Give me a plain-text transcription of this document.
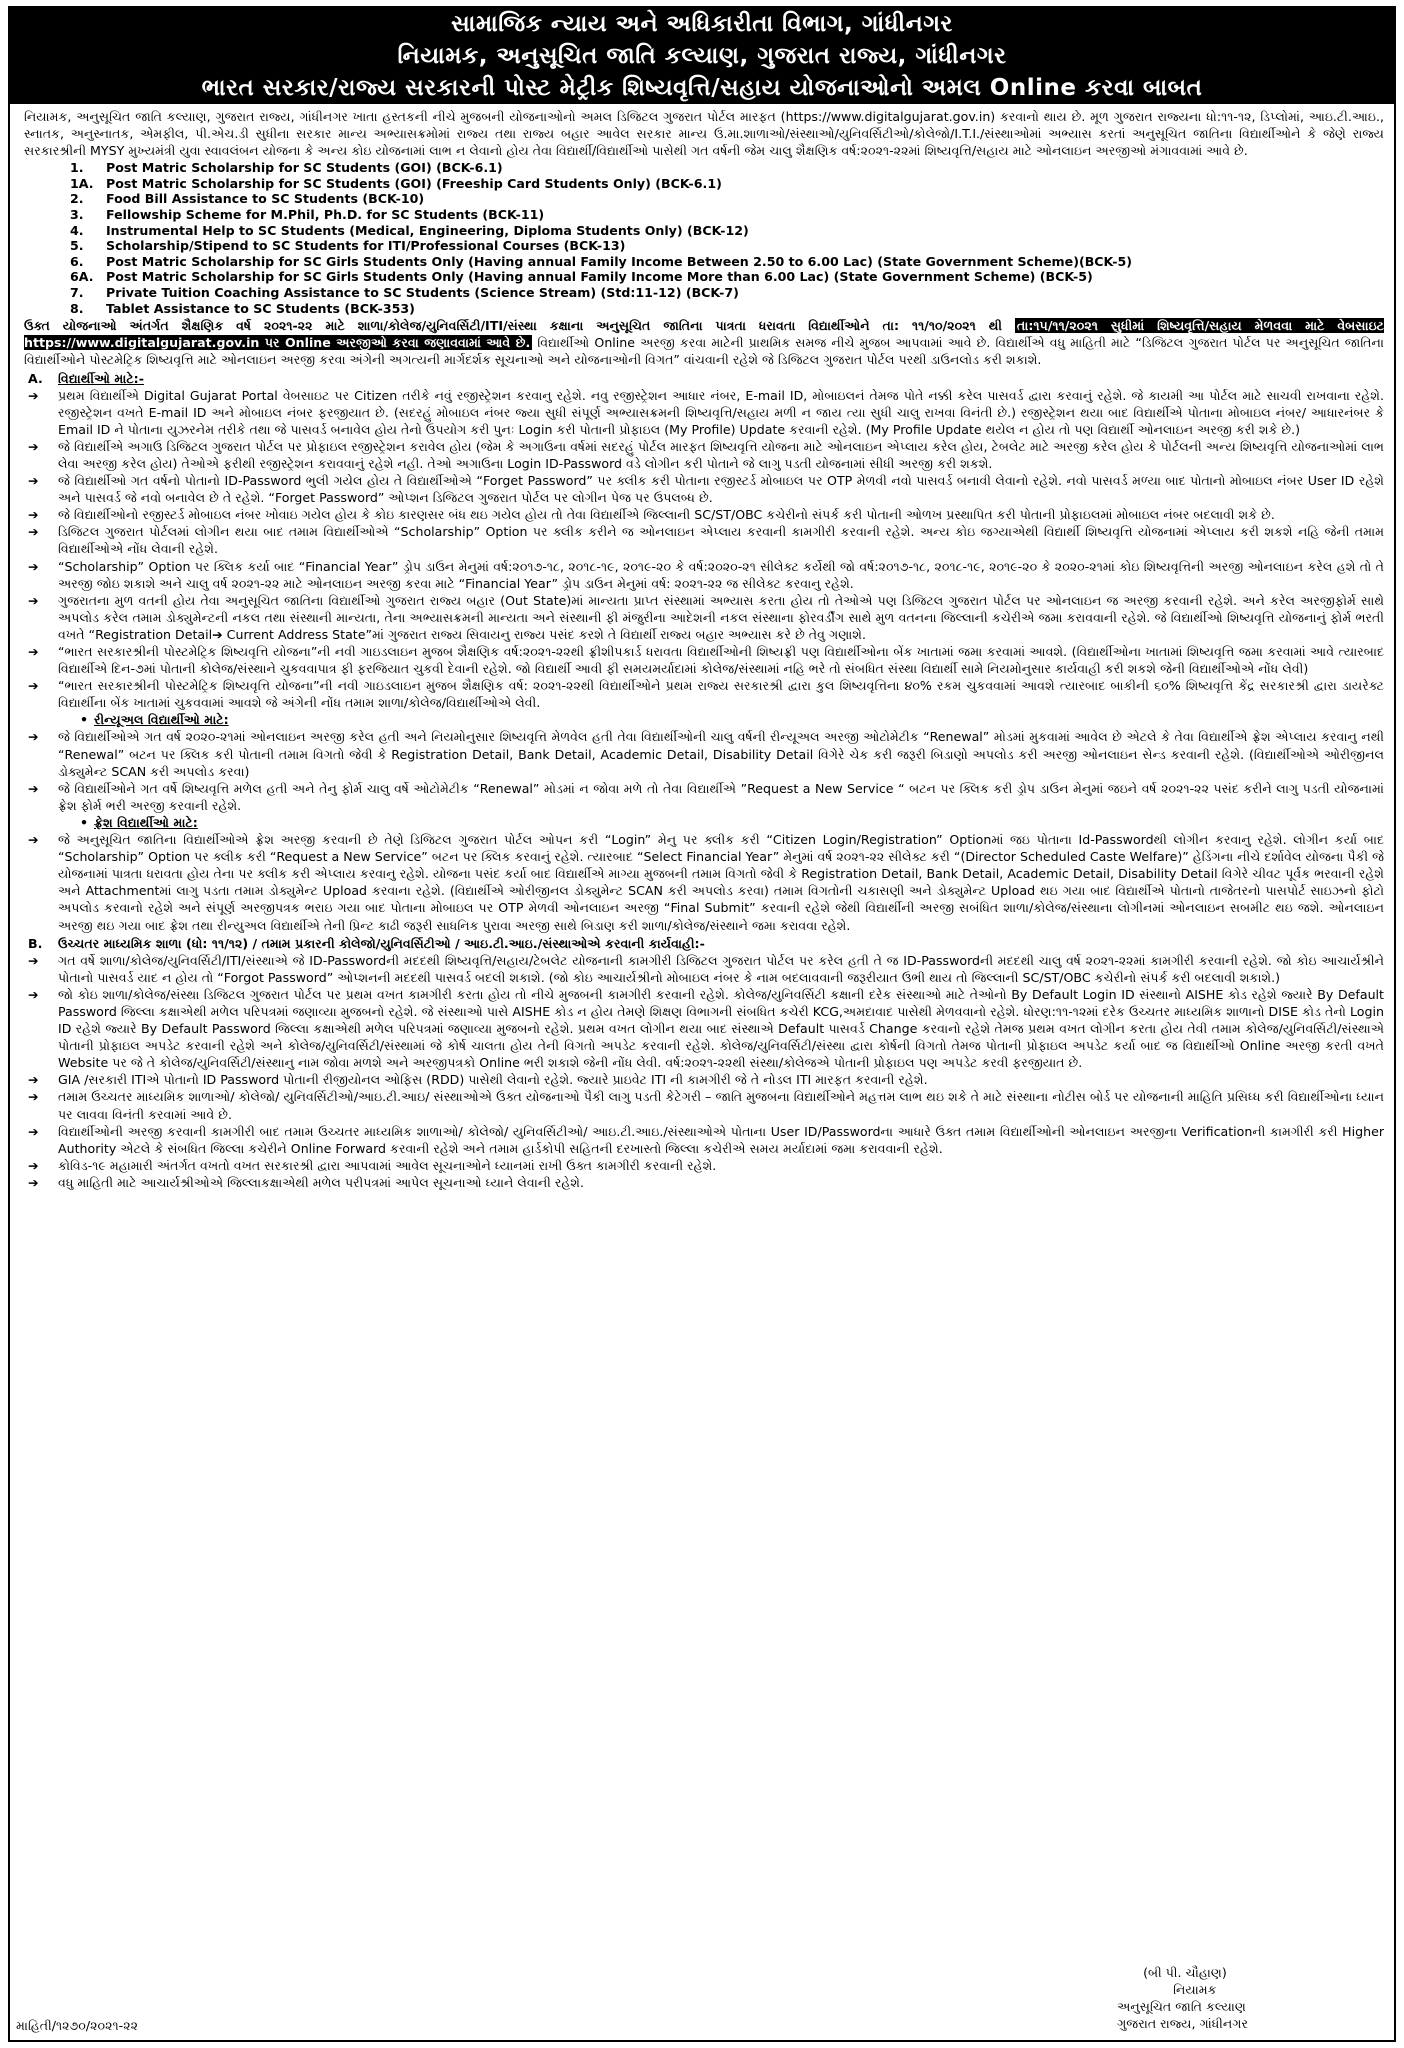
સામાજિક ન્યાય અને અધિકારીતા વિભાગ, ગાંધીનગર
નિયામક, અનુસૂચિત જાતિ કલ્યાણ, ગુજરાત રાજ્ય, ગાંધીનગર
ભારત સરકાર/રાજ્ય સરકારની પોસ્ટ મેટ્રીક શિષ્યવૃત્તિ/સહાય યોજનાઓનો અમલ Online કરવા બાબત

નિયામક, અનુસૂચિત જાતિ કલ્યાણ, ગુજરાત રાજ્ય, ગાંધીનગર ખાતા હસ્તકની નીચે મુજબની યોજનાઓનો અમલ ડિજિટલ ગુજરાત પોર્ટલ મારફત (https://www.digitalgujarat.gov.in) કરવાનો થાય છે. મૂળ ગુજરાત રાજ્યના ધો:૧૧-૧૨, ડિપ્લોમાં, આઇ.ટી.આઇ., સ્નાતક, અનુસ્નાતક, એમફીલ, પી.એચ.ડી સુધીના સરકાર માન્ય અભ્યાસક્રમોમાં રાજ્ય તથા રાજ્ય બહાર આવેલ સરકાર માન્ય ઉ.મા.શાળાઓ/સંસ્થાઓ/યુનિવર્સિટીઓ/કોલેજો/I.T.I./સંસ્થાઓમાં અભ્યાસ કરતાં અનુસૂચિત જાતિના વિદ્યાર્થીઓને કે જેણે રાજ્ય સરકારશ્રીની MYSY મુખ્યમંત્રી યુવા સ્વાવલંબન યોજના કે અન્ય કોઇ યોજનામાં લાભ ન લેવાનો હોય તેવા વિદ્યાર્થી/વિદ્યાર્થીઓ પાસેથી ગત વર્ષની જેમ ચાલુ શૈક્ષણિક વર્ષ:૨૦૨૧-૨૨માં શિષ્યવૃત્તિ/સહાય માટે ઓનલાઇન અરજીઓ મંગાવવામાં આવે છે.

1.	Post Matric Scholarship for SC Students (GOI) (BCK-6.1)
1A. Post Matric Scholarship for SC Students (GOI) (Freeship Card Students Only) (BCK-6.1)
2.	Food Bill Assistance to SC Students (BCK-10)
3.	Fellowship Scheme for M.Phil, Ph.D. for SC Students (BCK-11)
4.	Instrumental Help to SC Students (Medical, Engineering, Diploma Students Only) (BCK-12)
5.	Scholarship/Stipend to SC Students for ITI/Professional Courses (BCK-13)
6.	Post Matric Scholarship for SC Girls Students Only (Having annual Family Income Between 2.50 to 6.00 Lac) (State Government Scheme)(BCK-5)
6A. Post Matric Scholarship for SC Girls Students Only (Having annual Family Income More than 6.00 Lac) (State Government Scheme) (BCK-5)
7.	Private Tuition Coaching Assistance to SC Students (Science Stream) (Std:11-12) (BCK-7)
8.	Tablet Assistance to SC Students (BCK-353)

ઉક્ત યોજનાઓ અંતર્ગત શૈક્ષણિક વર્ષ ૨૦૨૧-૨૨ માટે શાળા/કોલેજ/યુનિવર્સિટી/ITI/સંસ્થા કક્ષાના અનુસૂચિત જાતિના પાત્રતા ધરાવતા વિદ્યાર્થીઓને તા: ૧૧/૧૦/૨૦૨૧ થી તા:૧૫/૧૧/૨૦૨૧ સુધીમાં શિષ્યવૃત્તિ/સહાય મેળવવા માટે વેબસાઇટ https://www.digitalgujarat.gov.in પર Online અરજીઓ કરવા જણાવવામાં આવે છે. વિદ્યાર્થીઓ Online અરજી કરવા માટેની પ્રાથમિક સમજ નીચે મુજબ આપવામાં આવે છે. વિદ્યાર્થીએ વધુ માહિતી માટે “ડિજિટલ ગુજરાત પોર્ટલ પર અનુસૂચિત જાતિના વિદ્યાર્થીઓને પોસ્ટમેટ્રિક શિષ્યવૃત્તિ માટે ઓનલાઇન અરજી કરવા અંગેની અગત્યની માર્ગદર્શક સૂચનાઓ અને યોજનાઓની વિગત” વાંચવાની રહેશે જે ડિજિટલ ગુજરાત પોર્ટલ પરથી ડાઉનલોડ કરી શકાશે.

A.	વિદ્યાર્થીઓ માટે:-
➔	પ્રથમ વિદ્યાર્થીએ Digital Gujarat Portal વેબસાઇટ પર Citizen તરીકે નવું રજીસ્ટ્રેશન કરવાનુ રહેશે. નવુ રજીસ્ટ્રેશન આધાર નંબર, E-mail ID, મોબાઇલનં તેમજ પોતે નક્કી કરેલ પાસવર્ડ દ્વારા કરવાનું રહેશે. જે કાયમી આ પોર્ટલ માટે સાચવી રાખવાના રહેશે. રજીસ્ટ્રેશન વખતે E-mail ID અને મોબાઇલ નંબર ફરજીયાત છે. (સદરહું મોબાઇલ નંબર જ્યા સુધી સંપૂર્ણ અભ્યાસક્રમની શિષ્યવૃત્તિ/સહાય મળી ન જાય ત્યા સુધી ચાલુ રાખવા વિનંતી છે.) રજીસ્ટ્રેશન થયા બાદ વિદ્યાર્થીએ પોતાના મોબાઇલ નંબર/ આધારનંબર કે Email ID ને પોતાના યુઝરનેમ તરીકે તથા જે પાસવર્ડ બનાવેલ હોય તેનો ઉપયોગ કરી પુનઃ Login કરી પોતાની પ્રોફાઇલ (My Profile) Update કરવાની રહેશે. (My Profile Update થયેલ ન હોય તો પણ વિદ્યાર્થી ઓનલાઇન અરજી કરી શકે છે.)
➔	જે વિદ્યાર્થીએ અગાઉ ડિજિટલ ગુજરાત પોર્ટલ પર પ્રોફાઇલ રજીસ્ટ્રેશન કરાવેલ હોય (જેમ કે અગાઉના વર્ષમાં સદરહું પોર્ટલ મારફત શિષ્યવૃત્તિ યોજના માટે ઓનલાઇન એપ્લાય કરેલ હોય, ટેબલેટ માટે અરજી કરેલ હોય કે પોર્ટલની અન્ય શિષ્યવૃત્તિ યોજનાઓમાં લાભ લેવા અરજી કરેલ હોય) તેઓએ ફરીથી રજીસ્ટ્રેશન કરાવવાનું રહેશે નહી. તેઓ અગાઉના Login ID-Password વડે લોગીન કરી પોતાને જે લાગુ પડતી યોજનામાં સીધી અરજી કરી શકશે.
➔	જે વિદ્યાર્થીઓ ગત વર્ષનો પોતાનો ID-Password ભુલી ગયેલ હોય તે વિદ્યાર્થીઓએ “Forget Password” પર ક્લીક કરી પોતાના રજીસ્ટર્ડ મોબાઇલ પર OTP મેળવી નવો પાસવર્ડ બનાવી લેવાનો રહેશે. નવો પાસવર્ડ મળ્યા બાદ પોતાનો મોબાઇલ નંબર User ID રહેશે અને પાસવર્ડ જે નવો બનાવેલ છે તે રહેશે. “Forget Password” ઓપ્શન ડિજિટલ ગુજરાત પોર્ટલ પર લોગીન પેજ પર ઉપલબ્ધ છે.
➔	જે વિદ્યાર્થીઓનો રજીસ્ટર્ડ મોબાઇલ નંબર ખોવાઇ ગયેલ હોય કે કોઇ કારણસર બંધ થઇ ગયેલ હોય તો તેવા વિદ્યાર્થીએ જિલ્લાની SC/ST/OBC કચેરીનો સંપર્ક કરી પોતાની ઓળખ પ્રસ્થાપિત કરી પોતાની પ્રોફાઇલમાં મોબાઇલ નંબર બદલાવી શકે છે.
➔	ડિજિટલ ગુજરાત પોર્ટલમાં લોગીન થયા બાદ તમામ વિદ્યાર્થીઓએ “Scholarship” Option પર ક્લીક કરીને જ ઓનલાઇન એપ્લાય કરવાની કામગીરી કરવાની રહેશે. અન્ય કોઇ જગ્યાએથી વિદ્યાર્થી શિષ્યવૃત્તિ યોજનામાં એપ્લાય કરી શકશે નહિ જેની તમામ વિદ્યાર્થીઓએ નોંધ લેવાની રહેશે.
➔	“Scholarship” Option પર ક્લિક કર્યા બાદ “Financial Year” ડ્રોપ ડાઉન મેનુમાં વર્ષ:૨૦૧૭-૧૮, ૨૦૧૮-૧૯, ૨૦૧૯-૨૦ કે વર્ષ:૨૦૨૦-૨૧ સીલેક્ટ કર્યેથી જો વર્ષ:૨૦૧૭-૧૮, ૨૦૧૮-૧૯, ૨૦૧૯-૨૦ કે ૨૦૨૦-૨૧માં કોઇ શિષ્યવૃત્તિની અરજી ઓનલાઇન કરેલ હશે તો તે અરજી જોઇ શકાશે અને ચાલુ વર્ષ ૨૦૨૧-૨૨ માટે ઓનલાઇન અરજી કરવા માટે “Financial Year” ડ્રોપ ડાઉન મેનુમાં વર્ષ: ૨૦૨૧-૨૨ જ સીલેક્ટ કરવાનુ રહેશે.
➔	ગુજરાતના મુળ વતની હોય તેવા અનુસૂચિત જાતિના વિદ્યાર્થીઓ ગુજરાત રાજ્ય બહાર (Out State)માં માન્યતા પ્રાપ્ત સંસ્થામાં અભ્યાસ કરતા હોય તો તેઓએ પણ ડિજિટલ ગુજરાત પોર્ટલ પર ઓનલાઇન જ અરજી કરવાની રહેશે. અને કરેલ અરજીફોર્મ સાથે અપલોડ કરેલ તમામ ડોક્યુમેન્ટની નકલ તથા સંસ્થાની માન્યતા, તેના અભ્યાસક્રમની માન્યતા અને સંસ્થાની ફી મંજુરીના આદેશની નકલ સંસ્થાના ફોરવર્ડીંગ સાથે મુળ વતનના જિલ્લાની કચેરીએ જમા કરાવવાની રહેશે. જે વિદ્યાર્થીઓ શિષ્યવૃત્તિ યોજનાનું ફોર્મ ભરતી વખતે “Registration Detail➔ Current Address State”માં ગુજરાત રાજ્ય સિવાયનુ રાજ્ય પસંદ કરશે તે વિદ્યાર્થી રાજ્ય બહાર અભ્યાસ કરે છે તેવુ ગણાશે.
➔	“ભારત સરકારશ્રીની પોસ્ટમેટ્રિક શિષ્યવૃત્તિ યોજના”ની નવી ગાઇડલાઇન મુજબ શૈક્ષણિક વર્ષ:૨૦૨૧-૨૨થી ફ્રીશીપકાર્ડ ધરાવતા વિદ્યાર્થીઓની શિષ્યફ્રી પણ વિદ્યાર્થીઓના બેંક ખાતામાં જમા કરવામાં આવશે. (વિદ્યાર્થીઓના ખાતામાં શિષ્યવૃત્તિ જમા કરવામાં આવે ત્યારબાદ વિદ્યાર્થીએ દિન-૭માં પોતાની કોલેજ/સંસ્થાને ચુકવવાપાત્ર ફી ફરજિયાત ચુકવી દેવાની રહેશે. જો વિદ્યાર્થી આવી ફી સમયમર્યાદામાં કોલેજ/સંસ્થામાં નહિ ભરે તો સંબધિત સંસ્થા વિદ્યાર્થી સામે નિયમોનુસાર કાર્યવાહી કરી શકશે જેની વિદ્યાર્થીઓએ નોંધ લેવી)
➔	“ભારત સરકારશ્રીની પોસ્ટમેટ્રિક શિષ્યવૃત્તિ યોજના”ની નવી ગાઇડલાઇન મુજબ શૈક્ષણિક વર્ષ: ૨૦૨૧-૨૨થી વિદ્યાર્થીઓને પ્રથમ રાજ્ય સરકારશ્રી દ્વારા કુલ શિષ્યવૃત્તિના ૪૦% રકમ ચુકવવામાં આવશે ત્યારબાદ બાકીની ૬૦% શિષ્યવૃત્તિ કેંદ્ર સરકારશ્રી દ્વારા ડાયરેક્ટ વિદ્યાર્થીના બેંક ખાતામાં ચુકવવામાં આવશે જે અંગેની નોંધ તમામ શાળા/કોલેજ/વિદ્યાર્થીઓએ લેવી.
• રીન્યૂઅલ વિદ્યાર્થીઓ માટે:
➔	જે વિદ્યાર્થીઓએ ગત વર્ષ ૨૦૨૦-૨૧માં ઓનલાઇન અરજી કરેલ હતી અને નિયમોનુસાર શિષ્યવૃત્તિ મેળવેલ હતી તેવા વિદ્યાર્થીઓની ચાલુ વર્ષની રીન્યૂઅલ અરજી ઓટોમેટીક “Renewal” મોડમાં મુકવામાં આવેલ છે એટલે કે તેવા વિદ્યાર્થીએ ફ્રેશ એપ્લાય કરવાનુ નથી “Renewal” બટન પર ક્લિક કરી પોતાની તમામ વિગતો જેવી કે Registration Detail, Bank Detail, Academic Detail, Disability Detail વિગેરે ચેક કરી જરૂરી બિડાણો અપલોડ કરી અરજી ઓનલાઇન સેન્ડ કરવાની રહેશે. (વિદ્યાર્થીઓએ ઓરીજીનલ ડોક્યુમેન્ટ SCAN કરી અપલોડ કરવા)
➔	જે વિદ્યાર્થીઓને ગત વર્ષે શિષ્યવૃત્તિ મળેલ હતી અને તેનુ ફોર્મ ચાલુ વર્ષે ઓટોમેટીક “Renewal” મોડમાં ન જોવા મળે તો તેવા વિદ્યાર્થીએ ”Request a New Service “ બટન પર ક્લિક કરી ડ્રોપ ડાઉન મેનુમાં જઇને વર્ષ ૨૦૨૧-૨૨ પસંદ કરીને લાગુ પડતી યોજનામાં ફ્રેશ ફોર્મ ભરી અરજી કરવાની રહેશે.
• ફ્રેશ વિદ્યાર્થીઓ માટે:
➔	જે અનુસૂચિત જાતિના વિદ્યાર્થીઓએ ફ્રેશ અરજી કરવાની છે તેણે ડિજિટલ ગુજરાત પોર્ટલ ઓપન કરી “Login” મેનુ પર ક્લીક કરી “Citizen Login/Registration” Optionમાં જઇ પોતાના Id-Passwordથી લોગીન કરવાનુ રહેશે. લોગીન કર્યા બાદ “Scholarship” Option પર ક્લીક કરી “Request a New Service” બટન પર ક્લિક કરવાનું રહેશે. ત્યારબાદ “Select Financial Year” મેનુમાં વર્ષ ૨૦૨૧-૨૨ સીલેક્ટ કરી “(Director Scheduled Caste Welfare)” હેડિંગના નીચે દર્શાવેલ યોજના પૈકી જે યોજનામાં પાત્રતા ધરાવતા હોય તેના પર ક્લીક કરી એપ્લાય કરવાનુ રહેશે. યોજના પસંદ કર્યા બાદ વિદ્યાર્થીએ માગ્યા મુજબની તમામ વિગતો જેવી કે Registration Detail, Bank Detail, Academic Detail, Disability Detail વિગેરે ચીવટ પૂર્વક ભરવાની રહેશે અને Attachmentમાં લાગુ પડતા તમામ ડોક્યુમેન્ટ Upload કરવાના રહેશે. (વિદ્યાર્થીએ ઓરીજીનલ ડોક્યુમેન્ટ SCAN કરી અપલોડ કરવા) તમામ વિગતોની ચકાસણી અને ડોક્યુમેન્ટ Upload થઇ ગયા બાદ વિદ્યાર્થીએ પોતાનો તાજેતરનો પાસપોર્ટ સાઇઝનો ફોટો અપલોડ કરવાનો રહેશે અને સંપૂર્ણ અરજીપત્રક ભરાઇ ગયા બાદ પોતાના મોબાઇલ પર OTP મેળવી ઓનલાઇન અરજી “Final Submit” કરવાની રહેશે જેથી વિદ્યાર્થીની અરજી સબંધિત શાળા/કોલેજ/સંસ્થાના લોગીનમાં ઓનલાઇન સબમીટ થઇ જશે. ઓનલાઇન અરજી થઇ ગયા બાદ ફ્રેશ તથા રીન્યુઅલ વિદ્યાર્થીએ તેની પ્રિન્ટ કાઢી જરૂરી સાધનિક પુરાવા અરજી સાથે બિડાણ કરી શાળા/કોલેજ/સંસ્થાને જમા કરાવવા રહેશે.
B.	ઉચ્ચતર માધ્યમિક શાળા (ધો: ૧૧/૧૨) / તમામ પ્રકારની કોલેજો/યુનિવર્સિટીઓ / આઇ.ટી.આઇ./સંસ્થાઓએ કરવાની કાર્યવાહી:-
➔	ગત વર્ષે શાળા/કોલેજ/યુનિવર્સિટી/ITI/સંસ્થાએ જે ID-Passwordની મદદથી શિષ્યવૃત્તિ/સહાય/ટેબલેટ યોજનાની કામગીરી ડિજિટલ ગુજરાત પોર્ટલ પર કરેલ હતી તે જ ID-Passwordની મદદથી ચાલુ વર્ષ ૨૦૨૧-૨૨માં કામગીરી કરવાની રહેશે. જો કોઇ આચાર્યશ્રીને પોતાનો પાસવર્ડ યાદ ન હોય તો “Forgot Password” ઓપ્શનની મદદથી પાસવર્ડ બદલી શકાશે. (જો કોઇ આચાર્યશ્રીનો મોબાઇલ નંબર કે નામ બદલાવવાની જરૂરીયાત ઉભી થાય તો જિલ્લાની SC/ST/OBC કચેરીનો સંપર્ક કરી બદલાવી શકાશે.)
➔	જો કોઇ શાળા/કોલેજ/સંસ્થા ડિજિટલ ગુજરાત પોર્ટલ પર પ્રથમ વખત કામગીરી કરતા હોય તો નીચે મુજબની કામગીરી કરવાની રહેશે. કોલેજ/યુનિવર્સિટી કક્ષાની દરેક સંસ્થાઓ માટે તેઓનો By Default Login ID સંસ્થાનો AISHE કોડ રહેશે જ્યારે By Default Password જિલ્લા કક્ષાએથી મળેલ પરિપત્રમાં જણાવ્યા મુજબનો રહેશે. જે સંસ્થાઓ પાસે AISHE કોડ ન હોય તેમણે શિક્ષણ વિભાગની સંબધિત કચેરી KCG,અમદાવાદ પાસેથી મેળવવાનો રહેશે. ધોરણ:૧૧-૧૨માં દરેક ઉચ્ચતર માધ્યમિક શાળાનો DISE કોડ તેનો Login ID રહેશે જ્યારે By Default Password જિલ્લા કક્ષાએથી મળેલ પરિપત્રમાં જણાવ્યા મુજબનો રહેશે. પ્રથમ વખત લોગીન થયા બાદ સંસ્થાએ Default પાસવર્ડ Change કરવાનો રહેશે તેમજ પ્રથમ વખત લોગીન કરતા હોય તેવી તમામ કોલેજ/યુનિવર્સિટી/સંસ્થાએ પોતાની પ્રોફાઇલ અપડેટ કરવાની રહેશે અને કોલેજ/યુનિવર્સિટી/સંસ્થામાં જે કોર્ષ ચાલતા હોય તેની વિગતો અપડેટ કરવાની રહેશે. કોલેજ/યુનિવર્સિટી/સંસ્થા દ્વારા કોર્ષની વિગતો તેમજ પોતાની પ્રોફાઇલ અપડેટ કર્યા બાદ જ વિદ્યાર્થીઓ Online અરજી કરતી વખતે Website પર જે તે કોલેજ/યુનિવર્સિટી/સંસ્થાનુ નામ જોવા મળશે અને અરજીપત્રકો Online ભરી શકાશે જેની નોંધ લેવી. વર્ષ:૨૦૨૧-૨૨થી સંસ્થા/કોલેજએ પોતાની પ્રોફાઇલ પણ અપડેટ કરવી ફરજીયાત છે.
➔	GIA /સરકારી ITIએ પોતાનો ID Password પોતાની રીજીયોનલ ઓફિસ (RDD) પાસેથી લેવાનો રહેશે. જ્યારે પ્રાઇવેટ ITI ની કામગીરી જે તે નોડલ ITI મારફત કરવાની રહેશે.
➔	તમામ ઉચ્ચતર માધ્યમિક શાળાઓ/ કોલેજો/ યુનિવર્સિટીઓ/આઇ.ટી.આઇ/ સંસ્થાઓએ ઉક્ત યોજનાઓ પૈકી લાગુ પડતી કેટેગરી – જાતિ મુજબના વિદ્યાર્થીઓને મહત્તમ લાભ થઇ શકે તે માટે સંસ્થાના નોટીસ બોર્ડ પર યોજનાની માહિતિ પ્રસિધ્ધ કરી વિદ્યાર્થીઓના ધ્યાન પર લાવવા વિનંતી કરવામાં આવે છે.
➔	વિદ્યાર્થીઓની અરજી કરવાની કામગીરી બાદ તમામ ઉચ્ચતર માધ્યમિક શાળાઓ/ કોલેજો/ યુનિવર્સિટીઓ/ આઇ.ટી.આઇ./સંસ્થાઓએ પોતાના User ID/Passwordના આધારે ઉક્ત તમામ વિદ્યાર્થીઓની ઓનલાઇન અરજીના Verificationની કામગીરી કરી Higher Authority એટલે કે સંબધિત જિલ્લા કચેરીને Online Forward કરવાની રહેશે અને તમામ હાર્ડકોપી સહિતની દરખાસ્તો જિલ્લા કચેરીએ સમય મર્યાદામાં જમા કરાવવાની રહેશે.
➔	કોવિડ-૧૯ મહામારી અંતર્ગત વખતો વખત સરકારશ્રી દ્વારા આપવામાં આવેલ સૂચનાઓને ધ્યાનમાં રાખી ઉક્ત કામગીરી કરવાની રહેશે.
➔	વધુ માહિતી માટે આચાર્યશ્રીઓએ જિલ્લાકક્ષાએથી મળેલ પરીપત્રમાં આપેલ સૂચનાઓ ધ્યાને લેવાની રહેશે.
(બી પી. ચૌહાણ)
નિયામક
અનુસૂચિત જાતિ કલ્યાણ
ગુજરાત રાજ્ય, ગાંધીનગર
માહિતી/૧૨૭૦/૨૦૨૧-૨૨
